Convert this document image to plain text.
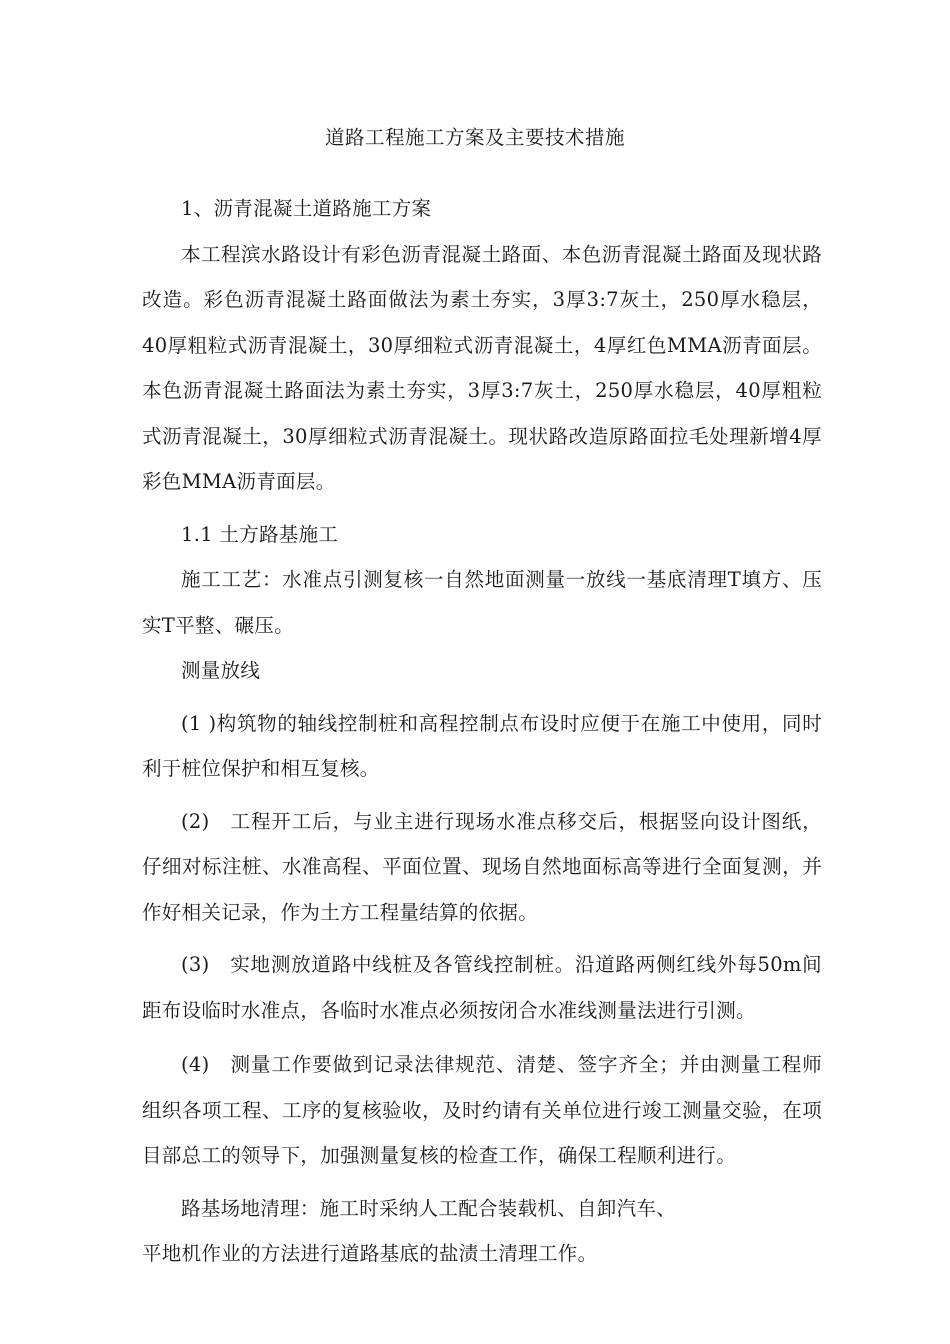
道路工程施工方案及主要技术措施

1、沥青混凝土道路施工方案

本工程滨水路设计有彩色沥青混凝土路面、本色沥青混凝土路面及现状路改造。彩色沥青混凝土路面做法为素土夯实，3厚3:7灰土，250厚水稳层，40厚粗粒式沥青混凝土，30厚细粒式沥青混凝土，4厚红色MMA沥青面层。本色沥青混凝土路面法为素土夯实，3厚3:7灰土，250厚水稳层，40厚粗粒式沥青混凝土，30厚细粒式沥青混凝土。现状路改造原路面拉毛处理新增4厚彩色MMA沥青面层。

1.1 土方路基施工

施工工艺：水准点引测复核一自然地面测量一放线一基底清理T填方、压实T平整、碾压。

测量放线

(1 )构筑物的轴线控制桩和高程控制点布设时应便于在施工中使用，同时利于桩位保护和相互复核。

(2)　工程开工后，与业主进行现场水准点移交后，根据竖向设计图纸，仔细对标注桩、水准高程、平面位置、现场自然地面标高等进行全面复测，并作好相关记录，作为土方工程量结算的依据。

(3)　实地测放道路中线桩及各管线控制桩。沿道路两侧红线外每50m间距布设临时水准点，各临时水准点必须按闭合水准线测量法进行引测。

(4)　测量工作要做到记录法律规范、清楚、签字齐全；并由测量工程师组织各项工程、工序的复核验收，及时约请有关单位进行竣工测量交验，在项目部总工的领导下，加强测量复核的检查工作，确保工程顺利进行。

路基场地清理：施工时采纳人工配合装载机、自卸汽车、

平地机作业的方法进行道路基底的盐渍土清理工作。
